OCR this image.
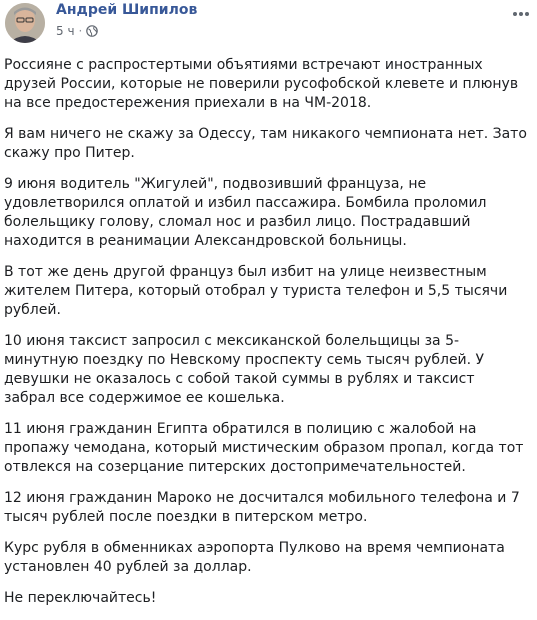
Андрей Шипилов
5 ч ·

Россияне с распростертыми объятиями встречают иностранных друзей России, которые не поверили русофобской клевете и плюнув на все предостережения приехали в на ЧМ-2018.

Я вам ничего не скажу за Одессу, там никакого чемпионата нет. Зато скажу про Питер.

9 июня водитель "Жигулей", подвозивший француза, не удовлетворился оплатой и избил пассажира. Бомбила проломил болельщику голову, сломал нос и разбил лицо. Пострадавший находится в реанимации Александровской больницы.

В тот же день другой француз был избит на улице неизвестным жителем Питера, который отобрал у туриста телефон и 5,5 тысячи рублей.

10 июня таксист запросил с мексиканской болельщицы за 5-минутную поездку по Невскому проспекту семь тысяч рублей. У девушки не оказалось с собой такой суммы в рублях и таксист забрал все содержимое ее кошелька.

11 июня гражданин Египта обратился в полицию с жалобой на пропажу чемодана, который мистическим образом пропал, когда тот отвлекся на созерцание питерских достопримечательностей.

12 июня гражданин Мароко не досчитался мобильного телефона и 7 тысяч рублей после поездки в питерском метро.

Курс рубля в обменниках аэропорта Пулково на время чемпионата установлен 40 рублей за доллар.

Не переключайтесь!
